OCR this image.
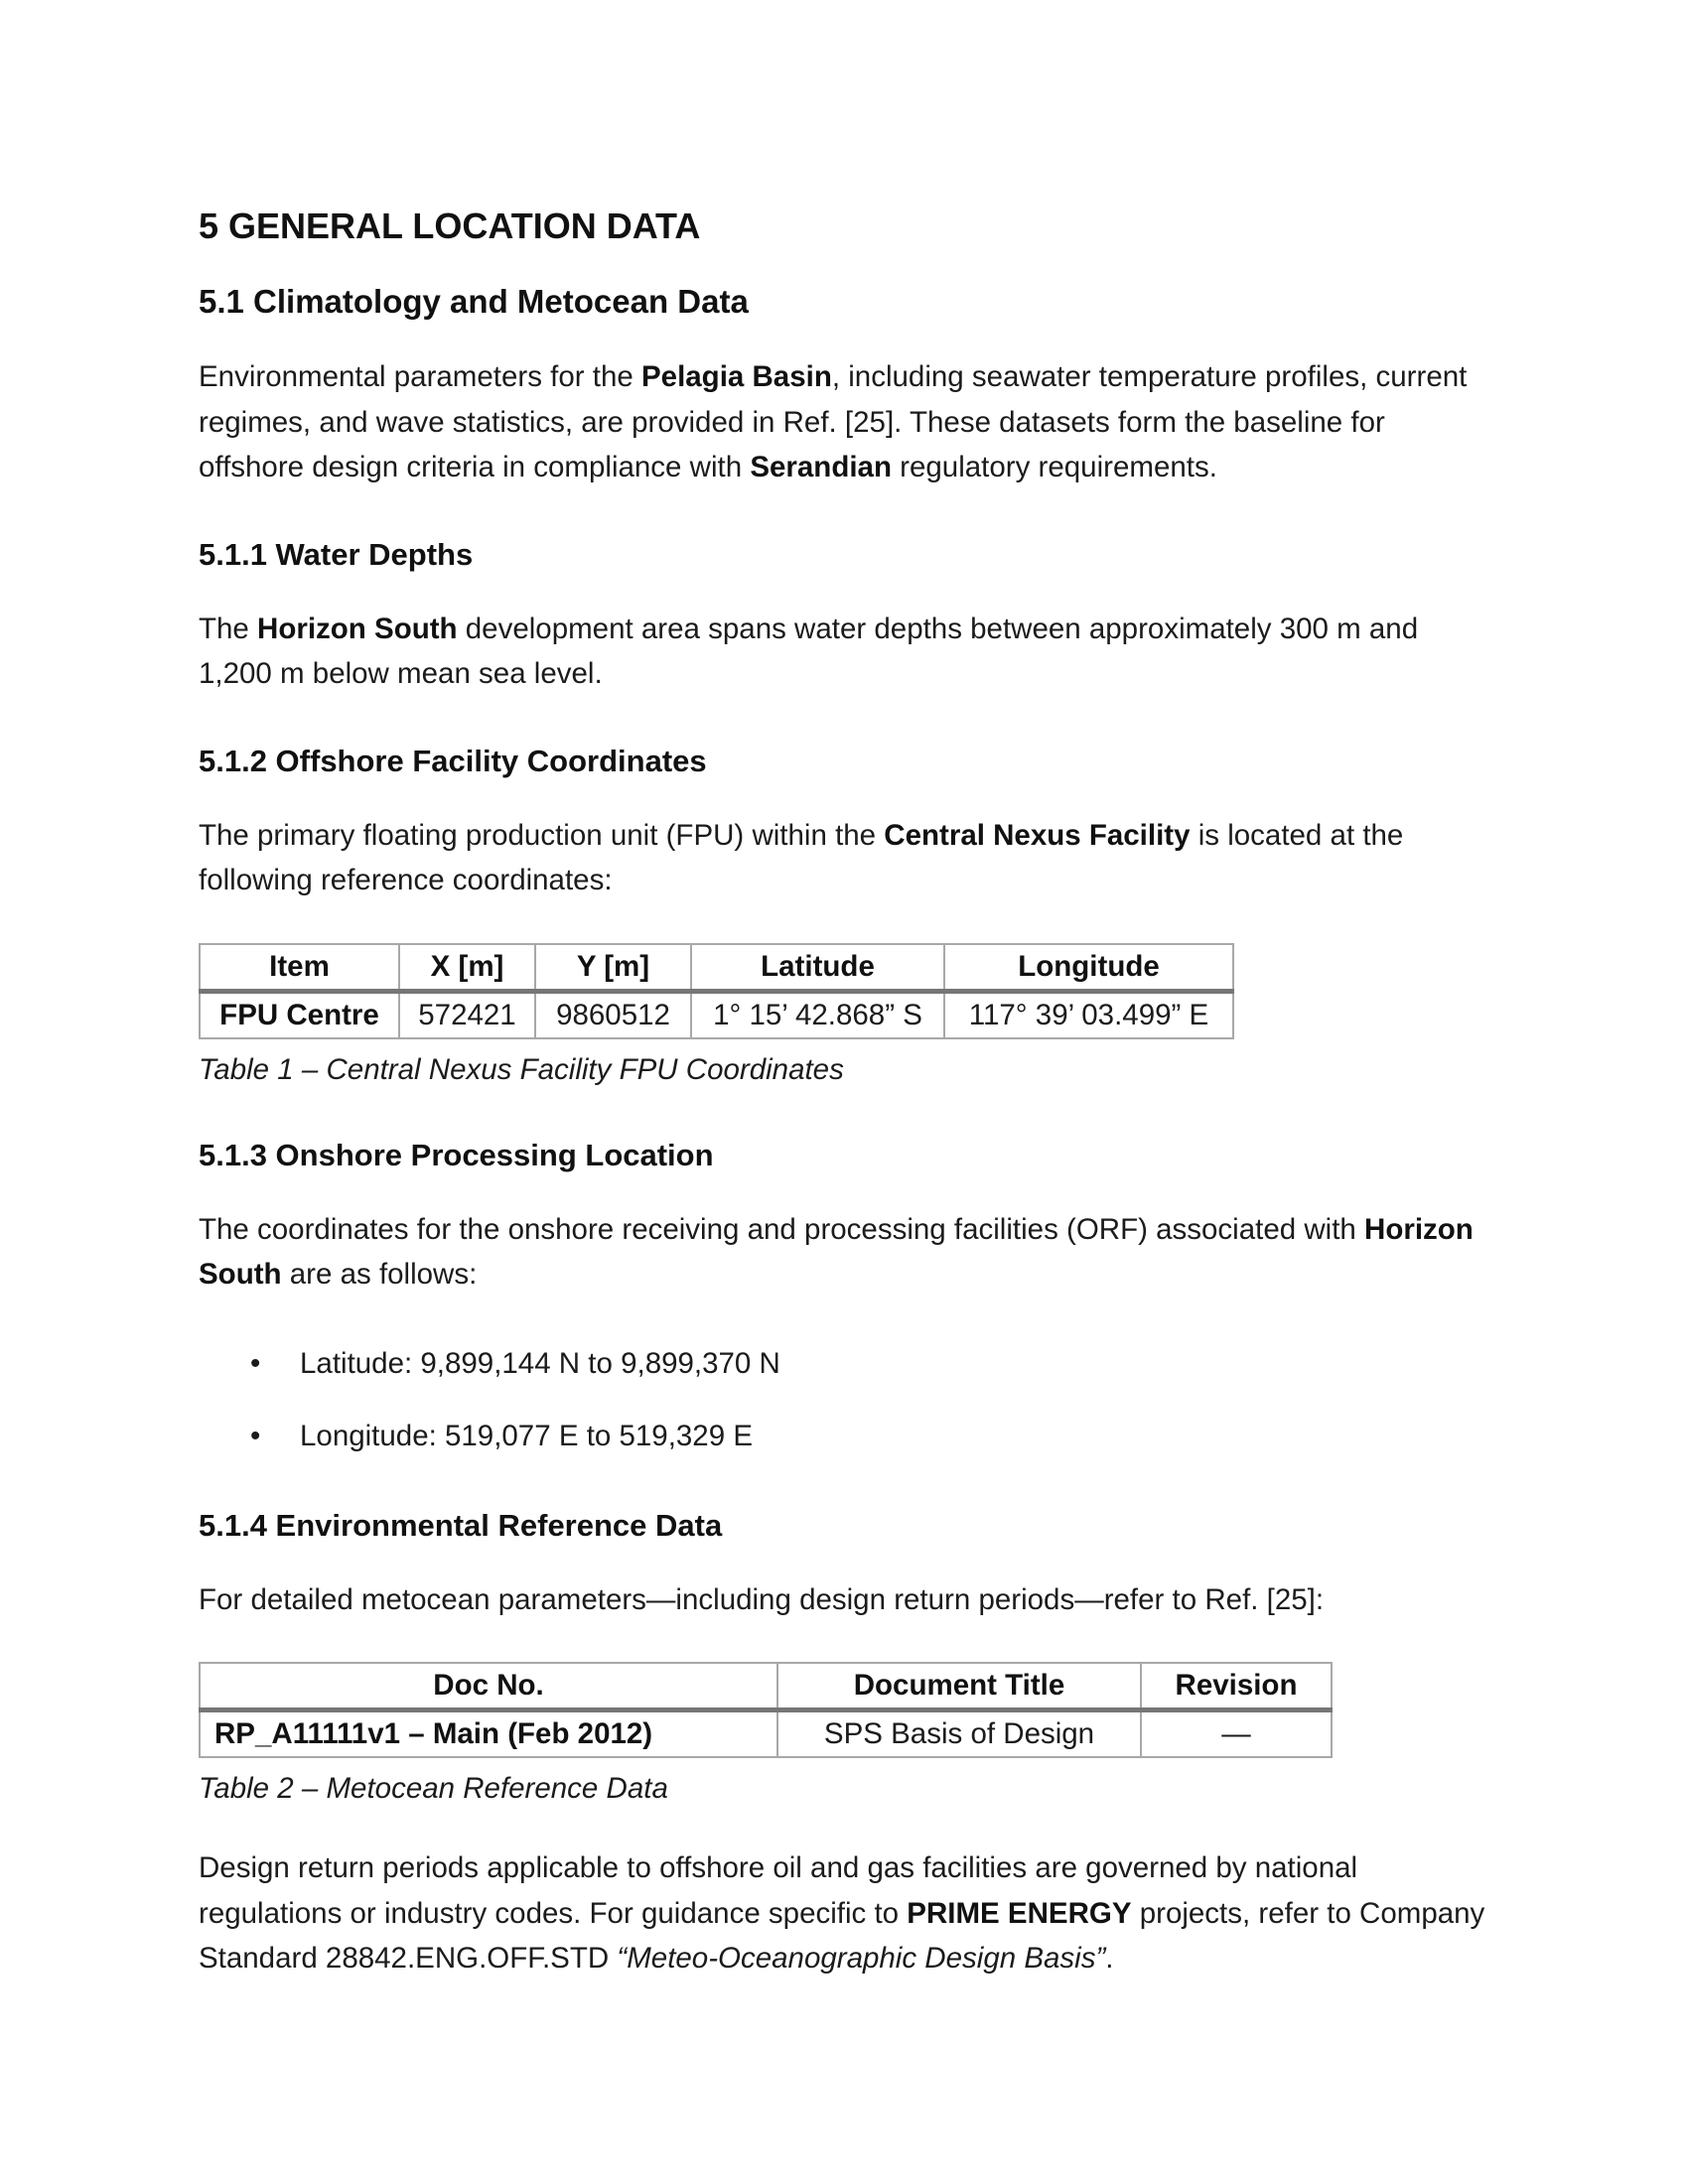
5 GENERAL LOCATION DATA
5.1 Climatology and Metocean Data

Environmental parameters for the Pelagia Basin, including seawater temperature profiles, current regimes, and wave statistics, are provided in Ref. [25]. These datasets form the baseline for offshore design criteria in compliance with Serandian regulatory requirements.

5.1.1 Water Depths

The Horizon South development area spans water depths between approximately 300 m and 1,200 m below mean sea level.

5.1.2 Offshore Facility Coordinates

The primary floating production unit (FPU) within the Central Nexus Facility is located at the following reference coordinates:

Item	X [m]	Y [m]	Latitude	Longitude
FPU Centre	572421	9860512	1° 15’ 42.868” S	117° 39’ 03.499” E
Table 1 – Central Nexus Facility FPU Coordinates
5.1.3 Onshore Processing Location

The coordinates for the onshore receiving and processing facilities (ORF) associated with Horizon South are as follows:

• Latitude: 9,899,144 N to 9,899,370 N
• Longitude: 519,077 E to 519,329 E
5.1.4 Environmental Reference Data

For detailed metocean parameters—including design return periods—refer to Ref. [25]:

Doc No.	Document Title	Revision
RP_A11111v1 – Main (Feb 2012)	SPS Basis of Design	—
Table 2 – Metocean Reference Data

Design return periods applicable to offshore oil and gas facilities are governed by national regulations or industry codes. For guidance specific to PRIME ENERGY projects, refer to Company Standard 28842.ENG.OFF.STD “Meteo-Oceanographic Design Basis”.
